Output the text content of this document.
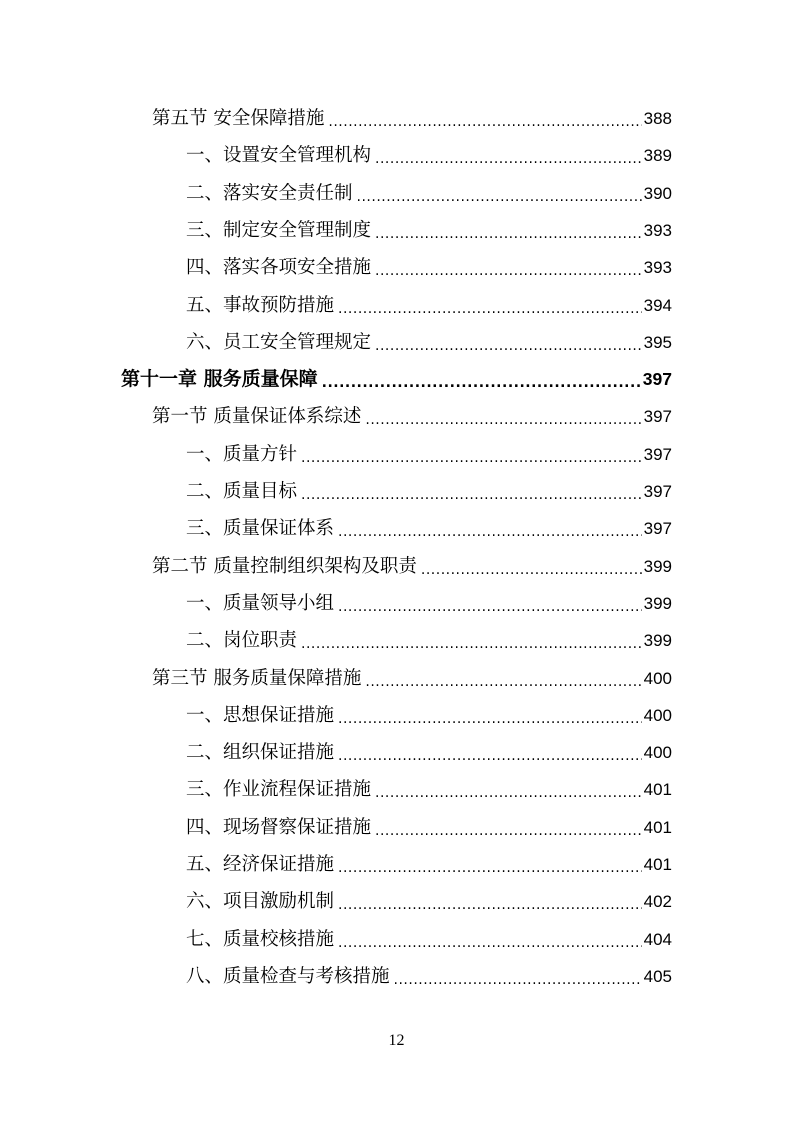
第五节 安全保障措施 .....	388
一、设置安全管理机构 .....	389
二、落实安全责任制 .....	390
三、制定安全管理制度 .....	393
四、落实各项安全措施 .....	393
五、事故预防措施 .....	394
六、员工安全管理规定 .....	395
第十一章 服务质量保障 .....	397
第一节 质量保证体系综述 .....	397
一、质量方针 .....	397
二、质量目标 .....	397
三、质量保证体系 .....	397
第二节 质量控制组织架构及职责 .....	399
一、质量领导小组 .....	399
二、岗位职责 .....	399
第三节 服务质量保障措施 .....	400
一、思想保证措施 .....	400
二、组织保证措施 .....	400
三、作业流程保证措施 .....	401
四、现场督察保证措施 .....	401
五、经济保证措施 .....	401
六、项目激励机制 .....	402
七、质量校核措施 .....	404
八、质量检查与考核措施 .....	405
12
